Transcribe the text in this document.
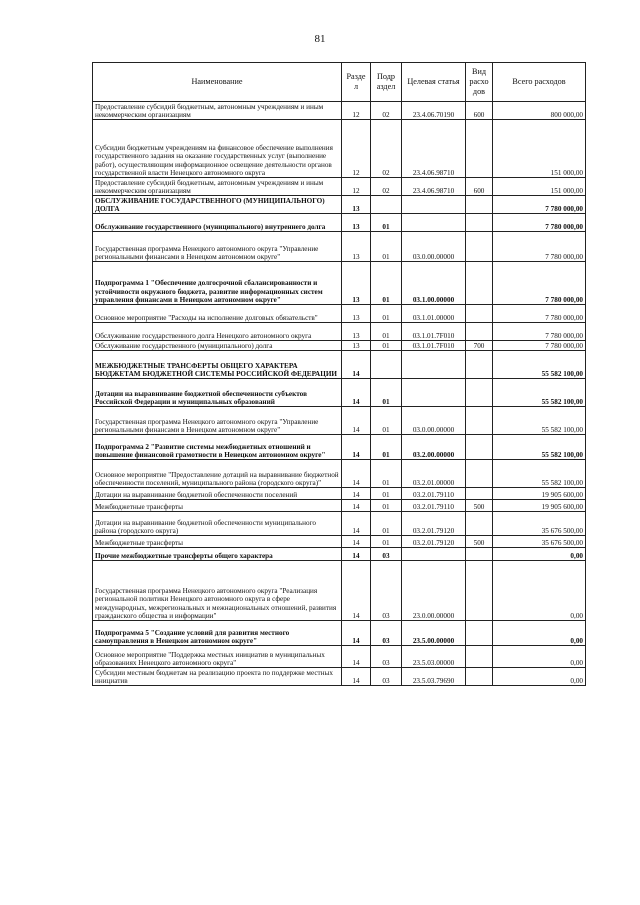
81
Наименование	Разде л	Подр аздел	Целевая статья	Вид расхо дов	Всего расходов
Предоставление субсидий бюджетным, автономным учреждениям и иным некоммерческим организациям	12	02	23.4.06.70190	600	800 000,00
Субсидии бюджетным учреждениям на финансовое обеспечение выполнения государственного задания на оказание государственных услуг (выполнение работ), осуществляющим информационное освещение деятельности органов государственной власти Ненецкого автономного округа	12	02	23.4.06.98710		151 000,00
Предоставление субсидий бюджетным, автономным учреждениям и иным некоммерческим организациям	12	02	23.4.06.98710	600	151 000,00
ОБСЛУЖИВАНИЕ ГОСУДАРСТВЕННОГО (МУНИЦИПАЛЬНОГО) ДОЛГА	13				7 780 000,00
Обслуживание государственного (муниципального) внутреннего долга	13	01			7 780 000,00
Государственная программа Ненецкого автономного округа "Управление региональными финансами в Ненецком автономном округе"	13	01	03.0.00.00000		7 780 000,00
Подпрограмма 1 "Обеспечение долгосрочной сбалансированности и устойчивости окружного бюджета, развитие информационных систем управления финансами в Ненецком автономном округе"	13	01	03.1.00.00000		7 780 000,00
Основное мероприятие "Расходы на исполнение долговых обязательств"	13	01	03.1.01.00000		7 780 000,00
Обслуживание государственного долга Ненецкого автономного округа	13	01	03.1.01.7F010		7 780 000,00
Обслуживание государственного (муниципального) долга	13	01	03.1.01.7F010	700	7 780 000,00
МЕЖБЮДЖЕТНЫЕ ТРАНСФЕРТЫ ОБЩЕГО ХАРАКТЕРА БЮДЖЕТАМ БЮДЖЕТНОЙ СИСТЕМЫ РОССИЙСКОЙ ФЕДЕРАЦИИ	14				55 582 100,00
Дотации на выравнивание бюджетной обеспеченности субъектов Российской Федерации и муниципальных образований	14	01			55 582 100,00
Государственная программа Ненецкого автономного округа "Управление региональными финансами в Ненецком автономном округе"	14	01	03.0.00.00000		55 582 100,00
Подпрограмма 2 "Развитие системы межбюджетных отношений и повышение финансовой грамотности в Ненецком автономном округе"	14	01	03.2.00.00000		55 582 100,00
Основное мероприятие "Предоставление дотаций на выравнивание бюджетной обеспеченности поселений, муниципального района (городского округа)"	14	01	03.2.01.00000		55 582 100,00
Дотации на выравнивание бюджетной обеспеченности поселений	14	01	03.2.01.79110		19 905 600,00
Межбюджетные трансферты	14	01	03.2.01.79110	500	19 905 600,00
Дотации на выравнивание бюджетной обеспеченности муниципального района (городского округа)	14	01	03.2.01.79120		35 676 500,00
Межбюджетные трансферты	14	01	03.2.01.79120	500	35 676 500,00
Прочие межбюджетные трансферты общего характера	14	03			0,00
Государственная программа Ненецкого автономного округа "Реализация региональной политики Ненецкого автономного округа в сфере международных, межрегиональных и межнациональных отношений, развития гражданского общества и информации"	14	03	23.0.00.00000		0,00
Подпрограмма 5 "Создание условий для развития местного самоуправления в Ненецком автономном округе"	14	03	23.5.00.00000		0,00
Основное мероприятие "Поддержка местных инициатив в муниципальных образованиях Ненецкого автономного округа"	14	03	23.5.03.00000		0,00
Субсидии местным бюджетам на реализацию проекта по поддержке местных инициатив	14	03	23.5.03.79690		0,00
